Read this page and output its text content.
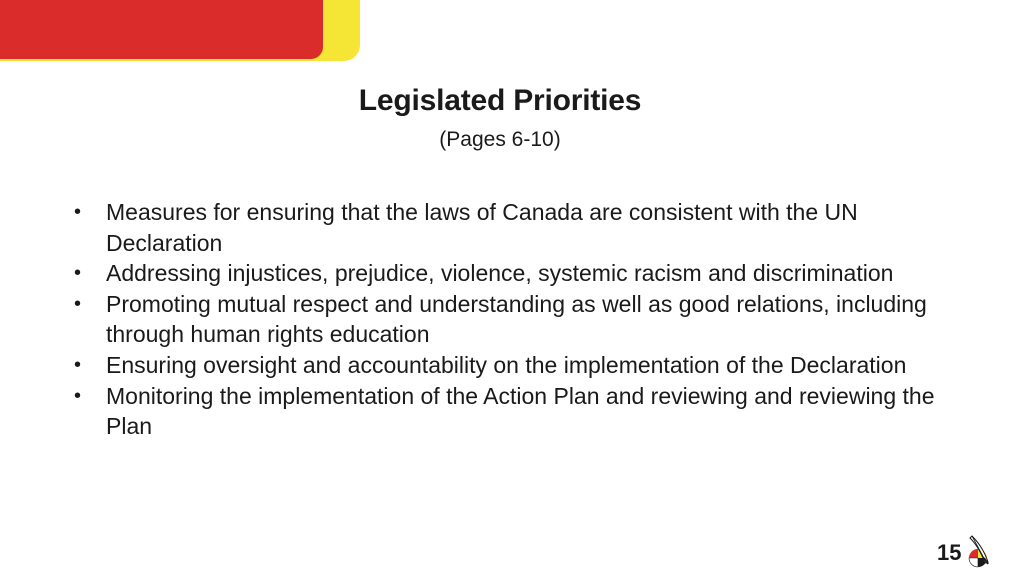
Legislated Priorities
(Pages 6-10)
• Measures for ensuring that the laws of Canada are consistent with the UN Declaration
• Addressing injustices, prejudice, violence, systemic racism and discrimination
• Promoting mutual respect and understanding as well as good relations, including through human rights education
• Ensuring oversight and accountability on the implementation of the Declaration
• Monitoring the implementation of the Action Plan and reviewing and reviewing the Plan
15
